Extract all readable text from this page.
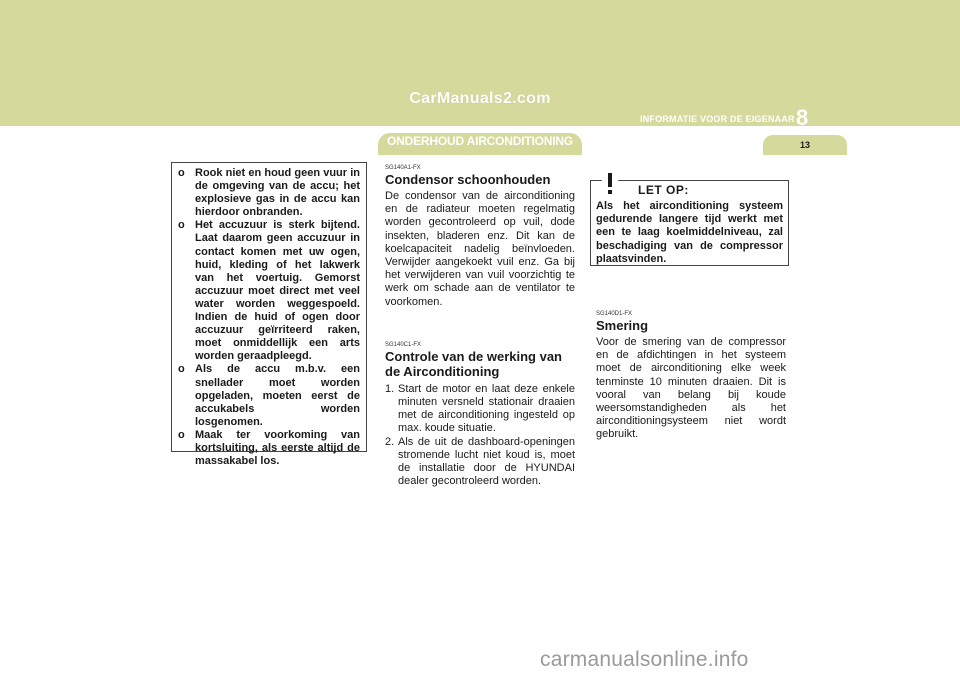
CarManuals2.com
INFORMATIE VOOR DE EIGENAAR 8
ONDERHOUD AIRCONDITIONING	13
o Rook niet en houd geen vuur in de omgeving van de accu; het explosieve gas in de accu kan hierdoor onbranden.
o Het accuzuur is sterk bijtend. Laat daarom geen accuzuur in contact komen met uw ogen, huid, kleding of het lakwerk van het voertuig. Gemorst accuzuur moet direct met veel water worden weggespoeld. Indien de huid of ogen door accuzuur geïrriteerd raken, moet onmiddellijk een arts worden geraadpleegd.
o Als de accu m.b.v. een snellader moet worden opgeladen, moeten eerst de accukabels worden losgenomen.
o Maak ter voorkoming van kortsluiting, als eerste altijd de massakabel los.
SG140A1-FX
Condensor schoonhouden

De condensor van de airconditioning en de radiateur moeten regelmatig worden gecontroleerd op vuil, dode insekten, bladeren enz. Dit kan de koelcapaciteit nadelig beïnvloeden. Verwijder aangekoekt vuil enz. Ga bij het verwijderen van vuil voorzichtig te werk om schade aan de ventilator te voorkomen.

SG140C1-FX
Controle van de werking van de Airconditioning
1. Start de motor en laat deze enkele minuten versneld stationair draaien met de airconditioning ingesteld op max. koude situatie.
2. Als de uit de dashboard-openingen stromende lucht niet koud is, moet de installatie door de HYUNDAI dealer gecontroleerd worden.

Als het airconditioning systeem gedurende langere tijd werkt met een te laag koelmiddelniveau, zal beschadiging van de compressor plaatsvinden.

LET OP:
SG140D1-FX
Smering

Voor de smering van de compressor en de afdichtingen in het systeem moet de airconditioning elke week tenminste 10 minuten draaien. Dit is vooral van belang bij koude weersomstandigheden als het airconditioningsysteem niet wordt gebruikt.

carmanualsonline.info
